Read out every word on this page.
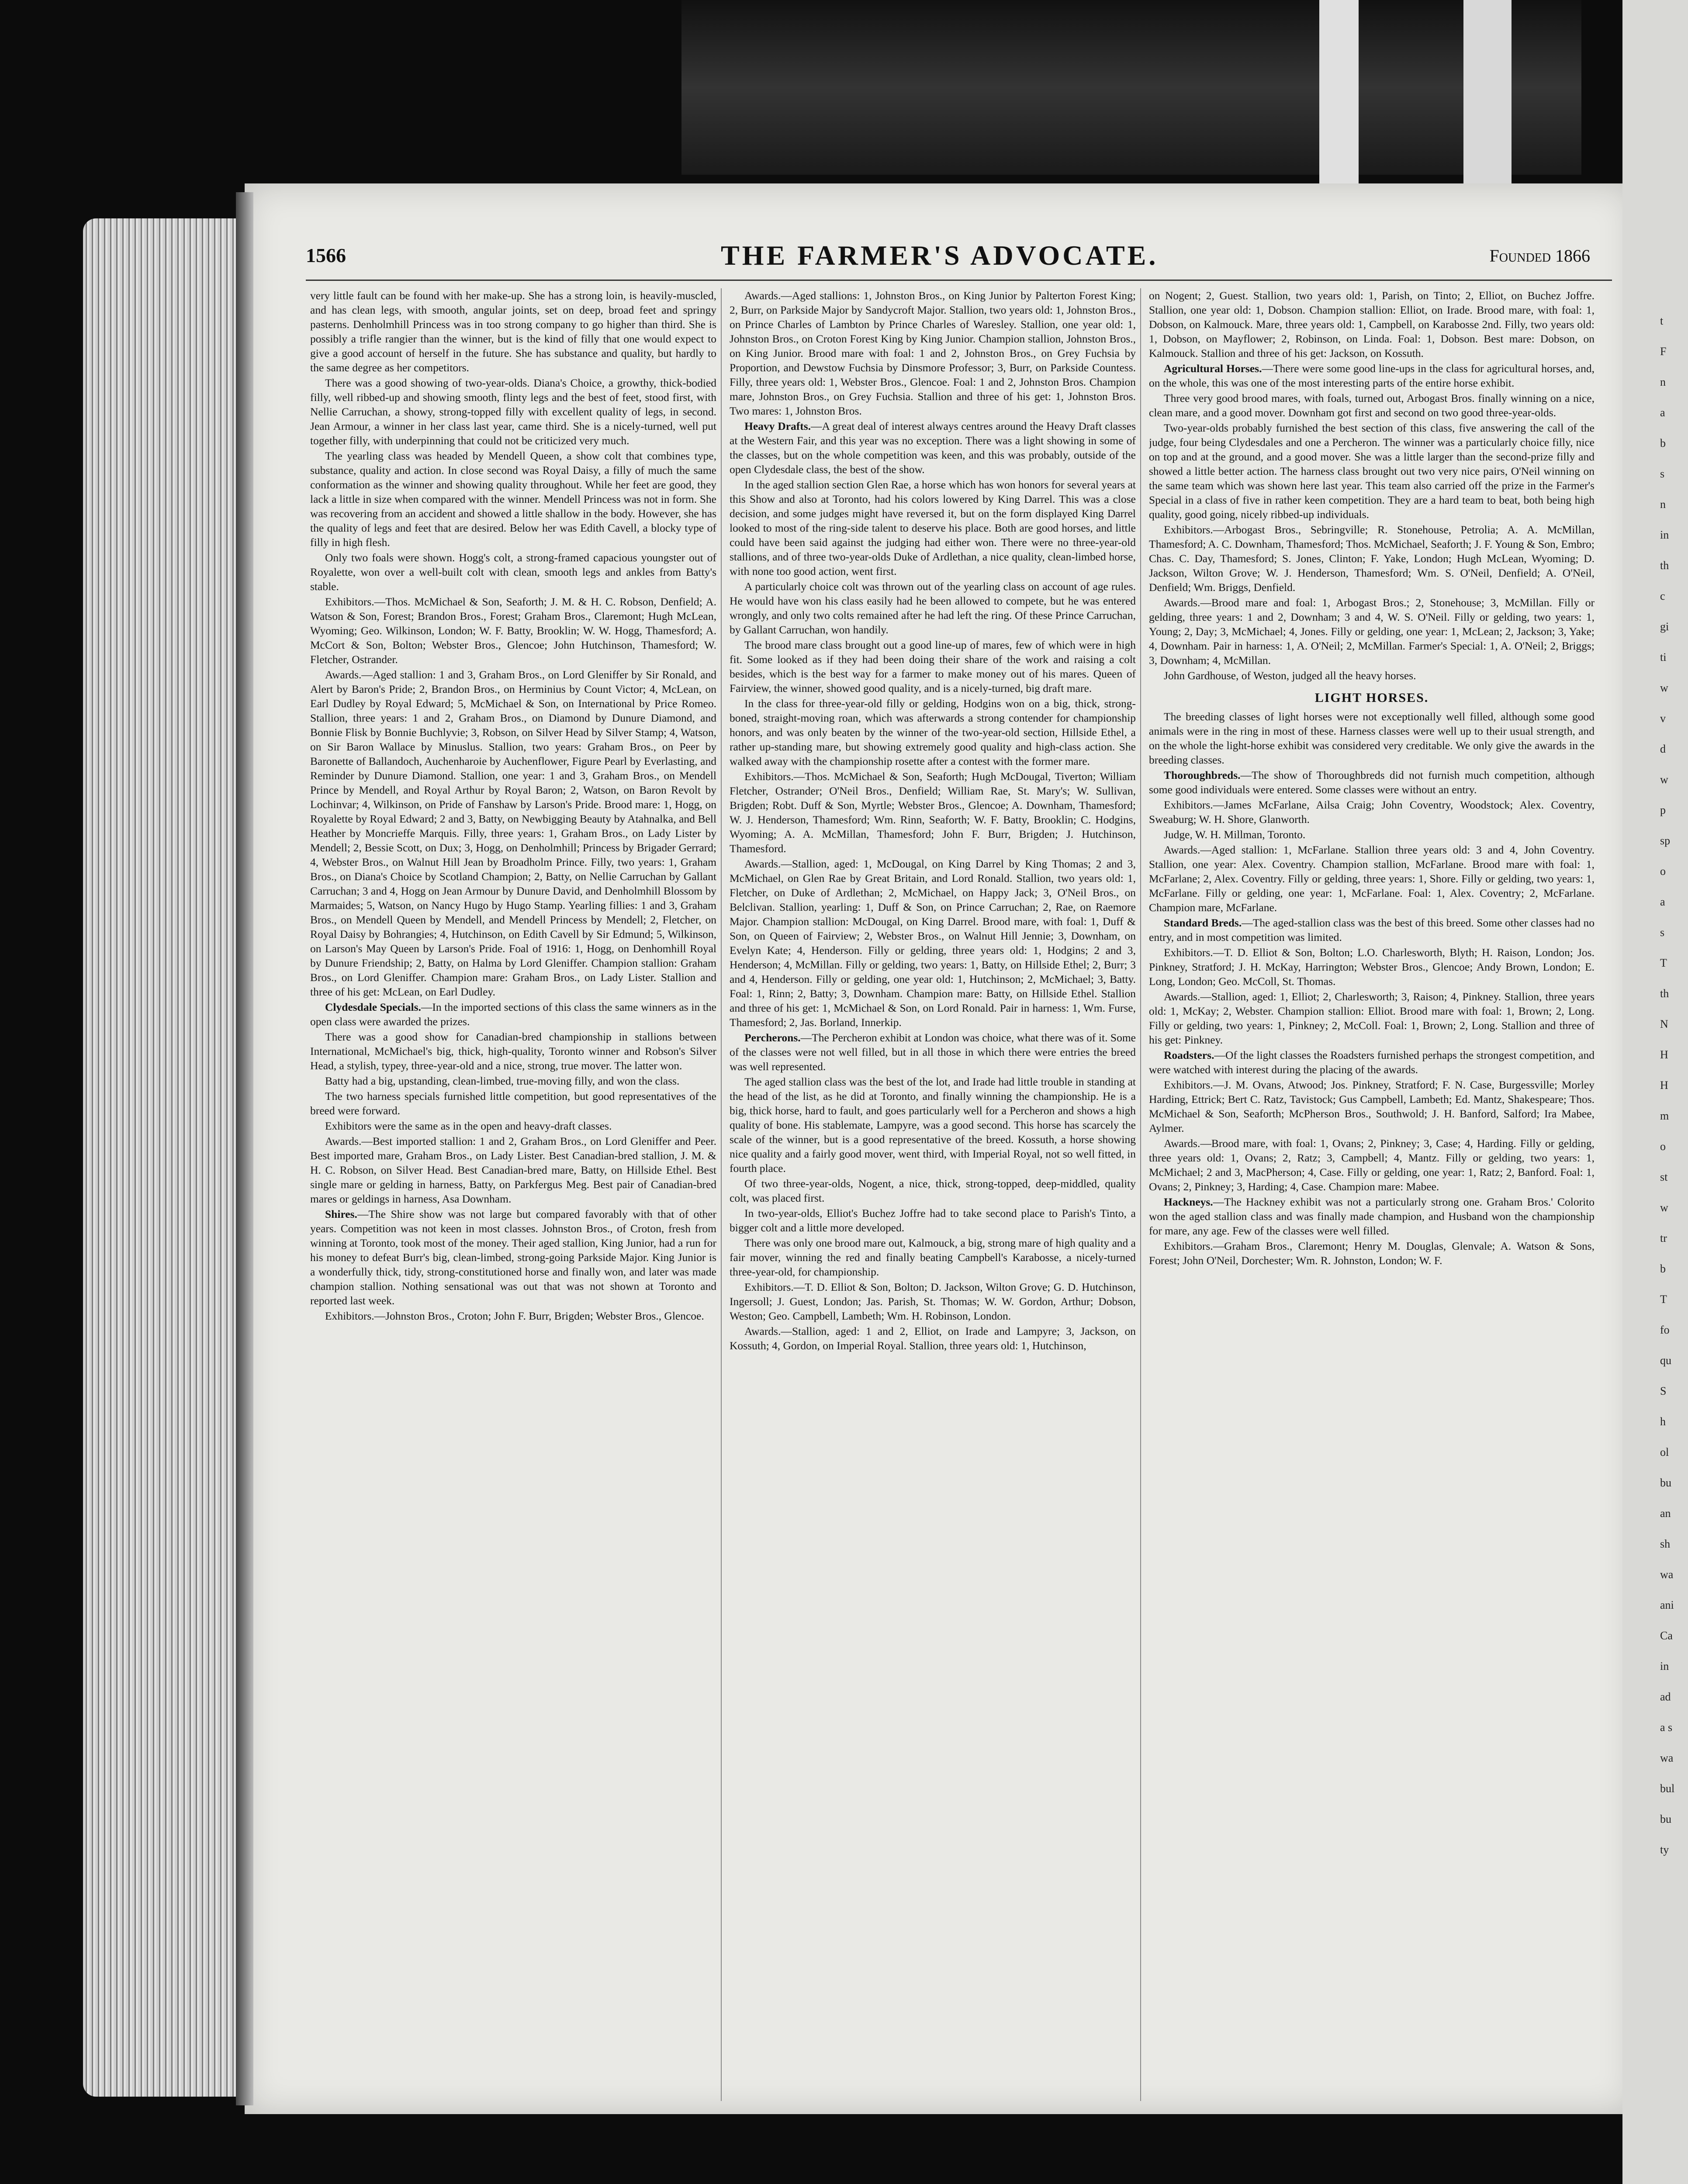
1566	THE FARMER'S ADVOCATE.	Founded 1866

very little fault can be found with her make-up. She has a strong loin, is heavily-muscled, and has clean legs, with smooth, angular joints, set on deep, broad feet and springy pasterns. Denholmhill Princess was in too strong company to go higher than third. She is possibly a trifle rangier than the winner, but is the kind of filly that one would expect to give a good account of herself in the future. She has substance and quality, but hardly to the same degree as her competitors.

There was a good showing of two-year-olds. Diana's Choice, a growthy, thick-bodied filly, well ribbed-up and showing smooth, flinty legs and the best of feet, stood first, with Nellie Carruchan, a showy, strong-topped filly with excellent quality of legs, in second. Jean Armour, a winner in her class last year, came third. She is a nicely-turned, well put together filly, with underpinning that could not be criticized very much.

The yearling class was headed by Mendell Queen, a show colt that combines type, substance, quality and action. In close second was Royal Daisy, a filly of much the same conformation as the winner and showing quality throughout. While her feet are good, they lack a little in size when compared with the winner. Mendell Princess was not in form. She was recovering from an accident and showed a little shallow in the body. However, she has the quality of legs and feet that are desired. Below her was Edith Cavell, a blocky type of filly in high flesh.

Only two foals were shown. Hogg's colt, a strong-framed capacious youngster out of Royalette, won over a well-built colt with clean, smooth legs and ankles from Batty's stable.

Exhibitors.—Thos. McMichael & Son, Seaforth; J. M. & H. C. Robson, Denfield; A. Watson & Son, Forest; Brandon Bros., Forest; Graham Bros., Claremont; Hugh McLean, Wyoming; Geo. Wilkinson, London; W. F. Batty, Brooklin; W. W. Hogg, Thamesford; A. McCort & Son, Bolton; Webster Bros., Glencoe; John Hutchinson, Thamesford; W. Fletcher, Ostrander.

Awards.—Aged stallion: 1 and 3, Graham Bros., on Lord Gleniffer by Sir Ronald, and Alert by Baron's Pride; 2, Brandon Bros., on Herminius by Count Victor; 4, McLean, on Earl Dudley by Royal Edward; 5, McMichael & Son, on International by Price Romeo. Stallion, three years: 1 and 2, Graham Bros., on Diamond by Dunure Diamond, and Bonnie Flisk by Bonnie Buchlyvie; 3, Robson, on Silver Head by Silver Stamp; 4, Watson, on Sir Baron Wallace by Minuslus. Stallion, two years: Graham Bros., on Peer by Baronette of Ballandoch, Auchenharoie by Auchenflower, Figure Pearl by Everlasting, and Reminder by Dunure Diamond. Stallion, one year: 1 and 3, Graham Bros., on Mendell Prince by Mendell, and Royal Arthur by Royal Baron; 2, Watson, on Baron Revolt by Lochinvar; 4, Wilkinson, on Pride of Fanshaw by Larson's Pride. Brood mare: 1, Hogg, on Royalette by Royal Edward; 2 and 3, Batty, on Newbigging Beauty by Atahnalka, and Bell Heather by Moncrieffe Marquis. Filly, three years: 1, Graham Bros., on Lady Lister by Mendell; 2, Bessie Scott, on Dux; 3, Hogg, on Denholmhill; Princess by Brigader Gerrard; 4, Webster Bros., on Walnut Hill Jean by Broadholm Prince. Filly, two years: 1, Graham Bros., on Diana's Choice by Scotland Champion; 2, Batty, on Nellie Carruchan by Gallant Carruchan; 3 and 4, Hogg on Jean Armour by Dunure David, and Denholmhill Blossom by Marmaides; 5, Watson, on Nancy Hugo by Hugo Stamp. Yearling fillies: 1 and 3, Graham Bros., on Mendell Queen by Mendell, and Mendell Princess by Mendell; 2, Fletcher, on Royal Daisy by Bohrangies; 4, Hutchinson, on Edith Cavell by Sir Edmund; 5, Wilkinson, on Larson's May Queen by Larson's Pride. Foal of 1916: 1, Hogg, on Denhomhill Royal by Dunure Friendship; 2, Batty, on Halma by Lord Gleniffer. Champion stallion: Graham Bros., on Lord Gleniffer. Champion mare: Graham Bros., on Lady Lister. Stallion and three of his get: McLean, on Earl Dudley.

Clydesdale Specials.—In the imported sections of this class the same winners as in the open class were awarded the prizes.

There was a good show for Canadian-bred championship in stallions between International, McMichael's big, thick, high-quality, Toronto winner and Robson's Silver Head, a stylish, typey, three-year-old and a nice, strong, true mover. The latter won.

Batty had a big, upstanding, clean-limbed, true-moving filly, and won the class.

The two harness specials furnished little competition, but good representatives of the breed were forward.

Exhibitors were the same as in the open and heavy-draft classes.

Awards.—Best imported stallion: 1 and 2, Graham Bros., on Lord Gleniffer and Peer. Best imported mare, Graham Bros., on Lady Lister. Best Canadian-bred stallion, J. M. & H. C. Robson, on Silver Head. Best Canadian-bred mare, Batty, on Hillside Ethel. Best single mare or gelding in harness, Batty, on Parkfergus Meg. Best pair of Canadian-bred mares or geldings in harness, Asa Downham.

Shires.—The Shire show was not large but compared favorably with that of other years. Competition was not keen in most classes. Johnston Bros., of Croton, fresh from winning at Toronto, took most of the money. Their aged stallion, King Junior, had a run for his money to defeat Burr's big, clean-limbed, strong-going Parkside Major. King Junior is a wonderfully thick, tidy, strong-constitutioned horse and finally won, and later was made champion stallion. Nothing sensational was out that was not shown at Toronto and reported last week.

Exhibitors.—Johnston Bros., Croton; John F. Burr, Brigden; Webster Bros., Glencoe.

Awards.—Aged stallions: 1, Johnston Bros., on King Junior by Palterton Forest King; 2, Burr, on Parkside Major by Sandycroft Major. Stallion, two years old: 1, Johnston Bros., on Prince Charles of Lambton by Prince Charles of Waresley. Stallion, one year old: 1, Johnston Bros., on Croton Forest King by King Junior. Champion stallion, Johnston Bros., on King Junior. Brood mare with foal: 1 and 2, Johnston Bros., on Grey Fuchsia by Proportion, and Dewstow Fuchsia by Dinsmore Professor; 3, Burr, on Parkside Countess. Filly, three years old: 1, Webster Bros., Glencoe. Foal: 1 and 2, Johnston Bros. Champion mare, Johnston Bros., on Grey Fuchsia. Stallion and three of his get: 1, Johnston Bros. Two mares: 1, Johnston Bros.

Heavy Drafts.—A great deal of interest always centres around the Heavy Draft classes at the Western Fair, and this year was no exception. There was a light showing in some of the classes, but on the whole competition was keen, and this was probably, outside of the open Clydesdale class, the best of the show.

In the aged stallion section Glen Rae, a horse which has won honors for several years at this Show and also at Toronto, had his colors lowered by King Darrel. This was a close decision, and some judges might have reversed it, but on the form displayed King Darrel looked to most of the ring-side talent to deserve his place. Both are good horses, and little could have been said against the judging had either won. There were no three-year-old stallions, and of three two-year-olds Duke of Ardlethan, a nice quality, clean-limbed horse, with none too good action, went first.

A particularly choice colt was thrown out of the yearling class on account of age rules. He would have won his class easily had he been allowed to compete, but he was entered wrongly, and only two colts remained after he had left the ring. Of these Prince Carruchan, by Gallant Carruchan, won handily.

The brood mare class brought out a good line-up of mares, few of which were in high fit. Some looked as if they had been doing their share of the work and raising a colt besides, which is the best way for a farmer to make money out of his mares. Queen of Fairview, the winner, showed good quality, and is a nicely-turned, big draft mare.

In the class for three-year-old filly or gelding, Hodgins won on a big, thick, strong-boned, straight-moving roan, which was afterwards a strong contender for championship honors, and was only beaten by the winner of the two-year-old section, Hillside Ethel, a rather up-standing mare, but showing extremely good quality and high-class action. She walked away with the championship rosette after a contest with the former mare.

Exhibitors.—Thos. McMichael & Son, Seaforth; Hugh McDougal, Tiverton; William Fletcher, Ostrander; O'Neil Bros., Denfield; William Rae, St. Mary's; W. Sullivan, Brigden; Robt. Duff & Son, Myrtle; Webster Bros., Glencoe; A. Downham, Thamesford; W. J. Henderson, Thamesford; Wm. Rinn, Seaforth; W. F. Batty, Brooklin; C. Hodgins, Wyoming; A. A. McMillan, Thamesford; John F. Burr, Brigden; J. Hutchinson, Thamesford.

Awards.—Stallion, aged: 1, McDougal, on King Darrel by King Thomas; 2 and 3, McMichael, on Glen Rae by Great Britain, and Lord Ronald. Stallion, two years old: 1, Fletcher, on Duke of Ardlethan; 2, McMichael, on Happy Jack; 3, O'Neil Bros., on Belclivan. Stallion, yearling: 1, Duff & Son, on Prince Carruchan; 2, Rae, on Raemore Major. Champion stallion: McDougal, on King Darrel. Brood mare, with foal: 1, Duff & Son, on Queen of Fairview; 2, Webster Bros., on Walnut Hill Jennie; 3, Downham, on Evelyn Kate; 4, Henderson. Filly or gelding, three years old: 1, Hodgins; 2 and 3, Henderson; 4, McMillan. Filly or gelding, two years: 1, Batty, on Hillside Ethel; 2, Burr; 3 and 4, Henderson. Filly or gelding, one year old: 1, Hutchinson; 2, McMichael; 3, Batty. Foal: 1, Rinn; 2, Batty; 3, Downham. Champion mare: Batty, on Hillside Ethel. Stallion and three of his get: 1, McMichael & Son, on Lord Ronald. Pair in harness: 1, Wm. Furse, Thamesford; 2, Jas. Borland, Innerkip.

Percherons.—The Percheron exhibit at London was choice, what there was of it. Some of the classes were not well filled, but in all those in which there were entries the breed was well represented.

The aged stallion class was the best of the lot, and Irade had little trouble in standing at the head of the list, as he did at Toronto, and finally winning the championship. He is a big, thick horse, hard to fault, and goes particularly well for a Percheron and shows a high quality of bone. His stablemate, Lampyre, was a good second. This horse has scarcely the scale of the winner, but is a good representative of the breed. Kossuth, a horse showing nice quality and a fairly good mover, went third, with Imperial Royal, not so well fitted, in fourth place.

Of two three-year-olds, Nogent, a nice, thick, strong-topped, deep-middled, quality colt, was placed first.

In two-year-olds, Elliot's Buchez Joffre had to take second place to Parish's Tinto, a bigger colt and a little more developed.

There was only one brood mare out, Kalmouck, a big, strong mare of high quality and a fair mover, winning the red and finally beating Campbell's Karabosse, a nicely-turned three-year-old, for championship.

Exhibitors.—T. D. Elliot & Son, Bolton; D. Jackson, Wilton Grove; G. D. Hutchinson, Ingersoll; J. Guest, London; Jas. Parish, St. Thomas; W. W. Gordon, Arthur; Dobson, Weston; Geo. Campbell, Lambeth; Wm. H. Robinson, London.

Awards.—Stallion, aged: 1 and 2, Elliot, on Irade and Lampyre; 3, Jackson, on Kossuth; 4, Gordon, on Imperial Royal. Stallion, three years old: 1, Hutchinson,

on Nogent; 2, Guest. Stallion, two years old: 1, Parish, on Tinto; 2, Elliot, on Buchez Joffre. Stallion, one year old: 1, Dobson. Champion stallion: Elliot, on Irade. Brood mare, with foal: 1, Dobson, on Kalmouck. Mare, three years old: 1, Campbell, on Karabosse 2nd. Filly, two years old: 1, Dobson, on Mayflower; 2, Robinson, on Linda. Foal: 1, Dobson. Best mare: Dobson, on Kalmouck. Stallion and three of his get: Jackson, on Kossuth.

Agricultural Horses.—There were some good line-ups in the class for agricultural horses, and, on the whole, this was one of the most interesting parts of the entire horse exhibit.

Three very good brood mares, with foals, turned out, Arbogast Bros. finally winning on a nice, clean mare, and a good mover. Downham got first and second on two good three-year-olds.

Two-year-olds probably furnished the best section of this class, five answering the call of the judge, four being Clydesdales and one a Percheron. The winner was a particularly choice filly, nice on top and at the ground, and a good mover. She was a little larger than the second-prize filly and showed a little better action. The harness class brought out two very nice pairs, O'Neil winning on the same team which was shown here last year. This team also carried off the prize in the Farmer's Special in a class of five in rather keen competition. They are a hard team to beat, both being high quality, good going, nicely ribbed-up individuals.

Exhibitors.—Arbogast Bros., Sebringville; R. Stonehouse, Petrolia; A. A. McMillan, Thamesford; A. C. Downham, Thamesford; Thos. McMichael, Seaforth; J. F. Young & Son, Embro; Chas. C. Day, Thamesford; S. Jones, Clinton; F. Yake, London; Hugh McLean, Wyoming; D. Jackson, Wilton Grove; W. J. Henderson, Thamesford; Wm. S. O'Neil, Denfield; A. O'Neil, Denfield; Wm. Briggs, Denfield.

Awards.—Brood mare and foal: 1, Arbogast Bros.; 2, Stonehouse; 3, McMillan. Filly or gelding, three years: 1 and 2, Downham; 3 and 4, W. S. O'Neil. Filly or gelding, two years: 1, Young; 2, Day; 3, McMichael; 4, Jones. Filly or gelding, one year: 1, McLean; 2, Jackson; 3, Yake; 4, Downham. Pair in harness: 1, A. O'Neil; 2, McMillan. Farmer's Special: 1, A. O'Neil; 2, Briggs; 3, Downham; 4, McMillan.

John Gardhouse, of Weston, judged all the heavy horses.

LIGHT HORSES.

The breeding classes of light horses were not exceptionally well filled, although some good animals were in the ring in most of these. Harness classes were well up to their usual strength, and on the whole the light-horse exhibit was considered very creditable. We only give the awards in the breeding classes.

Thoroughbreds.—The show of Thoroughbreds did not furnish much competition, although some good individuals were entered. Some classes were without an entry.

Exhibitors.—James McFarlane, Ailsa Craig; John Coventry, Woodstock; Alex. Coventry, Sweaburg; W. H. Shore, Glanworth.

Judge, W. H. Millman, Toronto.

Awards.—Aged stallion: 1, McFarlane. Stallion three years old: 3 and 4, John Coventry. Stallion, one year: Alex. Coventry. Champion stallion, McFarlane. Brood mare with foal: 1, McFarlane; 2, Alex. Coventry. Filly or gelding, three years: 1, Shore. Filly or gelding, two years: 1, McFarlane. Filly or gelding, one year: 1, McFarlane. Foal: 1, Alex. Coventry; 2, McFarlane. Champion mare, McFarlane.

Standard Breds.—The aged-stallion class was the best of this breed. Some other classes had no entry, and in most competition was limited.

Exhibitors.—T. D. Elliot & Son, Bolton; L.O. Charlesworth, Blyth; H. Raison, London; Jos. Pinkney, Stratford; J. H. McKay, Harrington; Webster Bros., Glencoe; Andy Brown, London; E. Long, London; Geo. McColl, St. Thomas.

Awards.—Stallion, aged: 1, Elliot; 2, Charlesworth; 3, Raison; 4, Pinkney. Stallion, three years old: 1, McKay; 2, Webster. Champion stallion: Elliot. Brood mare with foal: 1, Brown; 2, Long. Filly or gelding, two years: 1, Pinkney; 2, McColl. Foal: 1, Brown; 2, Long. Stallion and three of his get: Pinkney.

Roadsters.—Of the light classes the Roadsters furnished perhaps the strongest competition, and were watched with interest during the placing of the awards.

Exhibitors.—J. M. Ovans, Atwood; Jos. Pinkney, Stratford; F. N. Case, Burgessville; Morley Harding, Ettrick; Bert C. Ratz, Tavistock; Gus Campbell, Lambeth; Ed. Mantz, Shakespeare; Thos. McMichael & Son, Seaforth; McPherson Bros., Southwold; J. H. Banford, Salford; Ira Mabee, Aylmer.

Awards.—Brood mare, with foal: 1, Ovans; 2, Pinkney; 3, Case; 4, Harding. Filly or gelding, three years old: 1, Ovans; 2, Ratz; 3, Campbell; 4, Mantz. Filly or gelding, two years: 1, McMichael; 2 and 3, MacPherson; 4, Case. Filly or gelding, one year: 1, Ratz; 2, Banford. Foal: 1, Ovans; 2, Pinkney; 3, Harding; 4, Case. Champion mare: Mabee.

Hackneys.—The Hackney exhibit was not a particularly strong one. Graham Bros.' Colorito won the aged stallion class and was finally made champion, and Husband won the championship for mare, any age. Few of the classes were well filled.

Exhibitors.—Graham Bros., Claremont; Henry M. Douglas, Glenvale; A. Watson & Sons, Forest; John O'Neil, Dorchester; Wm. R. Johnston, London; W. F.

t
F
n
a
b
s
n
in
th
c
gi
ti
w
v
d
w
p
sp
o
a
s
T
th
N
H
H
m
o
st
w
tr
b
T
fo
qu
S
h
ol
bu
an
sh
wa
ani
Ca
in
ad
a s
wa
bul
bu
ty
